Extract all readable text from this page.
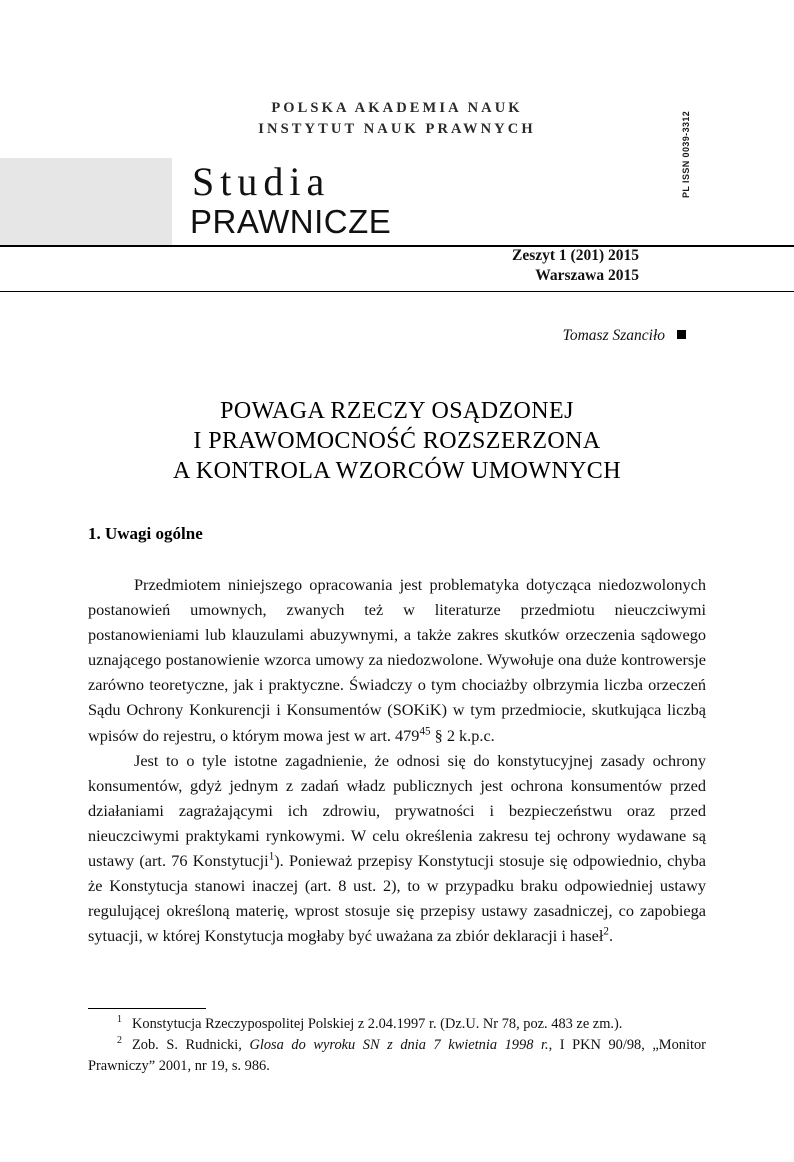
POLSKA AKADEMIA NAUK
INSTYTUT NAUK PRAWNYCH	PL ISSN 0039-3312
Studia
PRAWNICZE
Zeszyt 1 (201) 2015
Warszawa 2015
Tomasz Szanciło
POWAGA RZECZY OSĄDZONEJ
I PRAWOMOCNOŚĆ ROZSZERZONA
A KONTROLA WZORCÓW UMOWNYCH
1. Uwagi ogólne

Przedmiotem niniejszego opracowania jest problematyka dotycząca niedozwolonych postanowień umownych, zwanych też w literaturze przedmiotu nieuczciwymi postanowieniami lub klauzulami abuzywnymi, a także zakres skutków orzeczenia sądowego uznającego postanowienie wzorca umowy za niedozwolone. Wywołuje ona duże kontrowersje zarówno teoretyczne, jak i praktyczne. Świadczy o tym chociażby olbrzymia liczba orzeczeń Sądu Ochrony Konkurencji i Konsumentów (SOKiK) w tym przedmiocie, skutkująca liczbą wpisów do rejestru, o którym mowa jest w art. $479^{45}$ § 2 k.p.c.

Jest to o tyle istotne zagadnienie, że odnosi się do konstytucyjnej zasady ochrony konsumentów, gdyż jednym z zadań władz publicznych jest ochrona konsumentów przed działaniami zagrażającymi ich zdrowiu, prywatności i bezpieczeństwu oraz przed nieuczciwymi praktykami rynkowymi. W celu określenia zakresu tej ochrony wydawane są ustawy (art. 76 Konstytucji$^1$). Ponieważ przepisy Konstytucji stosuje się odpowiednio, chyba że Konstytucja stanowi inaczej (art. 8 ust. 2), to w przypadku braku odpowiedniej ustawy regulującej określoną materię, wprost stosuje się przepisy ustawy zasadniczej, co zapobiega sytuacji, w której Konstytucja mogłaby być uważana za zbiór deklaracji i haseł$^2$.

1 Konstytucja Rzeczypospolitej Polskiej z 2.04.1997 r. (Dz.U. Nr 78, poz. 483 ze zm.).

2 Zob. S. Rudnicki, Glosa do wyroku SN z dnia 7 kwietnia 1998 r., I PKN 90/98, „Monitor Prawniczy” 2001, nr 19, s. 986.
